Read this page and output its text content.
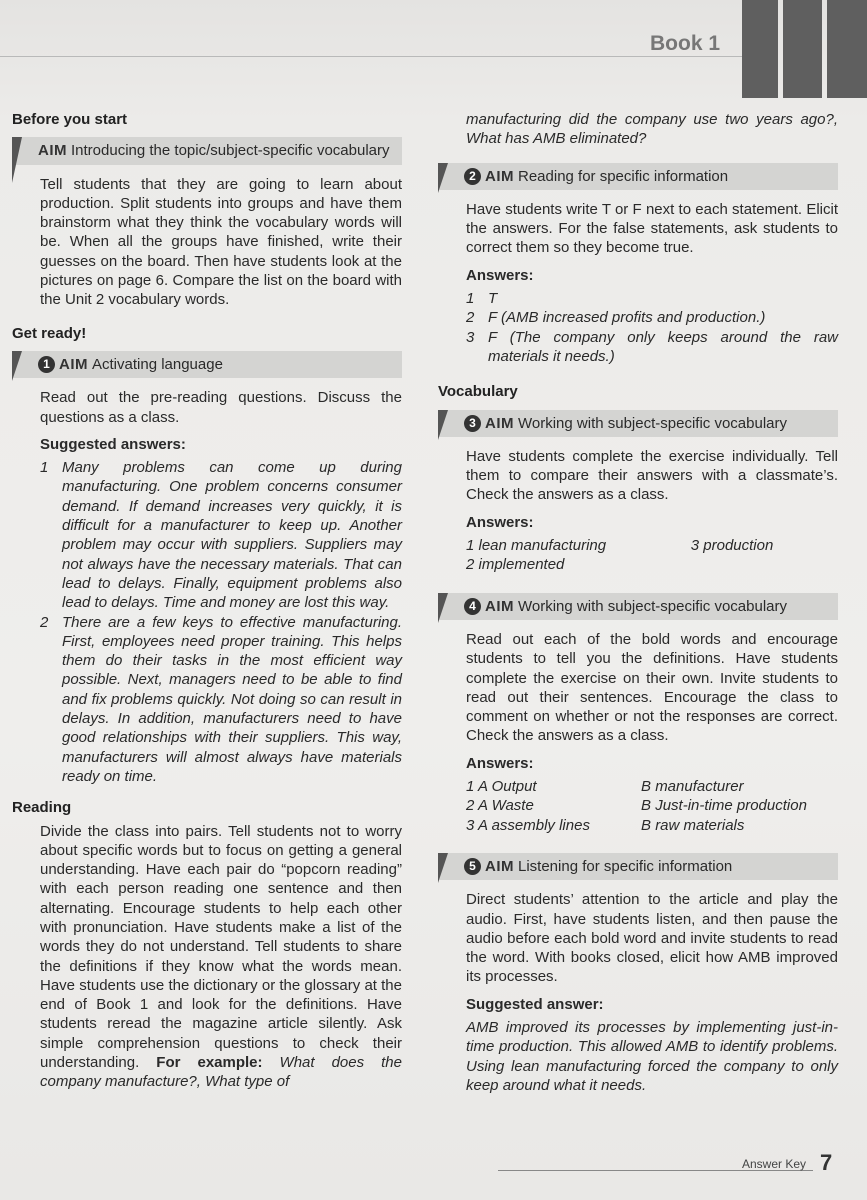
Book 1
Before you start
AIM Introducing the topic/subject-specific vocabulary

Tell students that they are going to learn about production. Split students into groups and have them brainstorm what they think the vocabulary words will be. When all the groups have finished, write their guesses on the board. Then have students look at the pictures on page 6. Compare the list on the board with the Unit 2 vocabulary words.

Get ready!
1 AIM Activating language

Read out the pre-reading questions. Discuss the questions as a class.

Suggested answers:
1 Many problems can come up during manufacturing. One problem concerns consumer demand. If demand increases very quickly, it is difficult for a manufacturer to keep up. Another problem may occur with suppliers. Suppliers may not always have the necessary materials. That can lead to delays. Finally, equipment problems also lead to delays. Time and money are lost this way.
2 There are a few keys to effective manufacturing. First, employees need proper training. This helps them do their tasks in the most efficient way possible. Next, managers need to be able to find and fix problems quickly. Not doing so can result in delays. In addition, manufacturers need to have good relationships with their suppliers. This way, manufacturers will almost always have materials ready on time.
Reading

Divide the class into pairs. Tell students not to worry about specific words but to focus on getting a general understanding. Have each pair do “popcorn reading” with each person reading one sentence and then alternating. Encourage students to help each other with pronunciation. Have students make a list of the words they do not understand. Tell students to share the definitions if they know what the words mean. Have students use the dictionary or the glossary at the end of Book 1 and look for the definitions. Have students reread the magazine article silently. Ask simple comprehension questions to check their understanding. For example: What does the company manufacture?, What type of

manufacturing did the company use two years ago?, What has AMB eliminated?

2 AIM Reading for specific information

Have students write T or F next to each statement. Elicit the answers. For the false statements, ask students to correct them so they become true.

Answers:
1 T
2 F (AMB increased profits and production.)
3 F (The company only keeps around the raw materials it needs.)
Vocabulary
3 AIM Working with subject-specific vocabulary

Have students complete the exercise individually. Tell them to compare their answers with a classmate’s. Check the answers as a class.

Answers:
1 lean manufacturing	3 production
2 implemented
4 AIM Working with subject-specific vocabulary

Read out each of the bold words and encourage students to tell you the definitions. Have students complete the exercise on their own. Invite students to read out their sentences. Encourage the class to comment on whether or not the responses are correct. Check the answers as a class.

Answers:
1 A Output	B manufacturer
2 A Waste	B Just-in-time production
3 A assembly lines	B raw materials
5 AIM Listening for specific information

Direct students’ attention to the article and play the audio. First, have students listen, and then pause the audio before each bold word and invite students to read the word. With books closed, elicit how AMB improved its processes.

Suggested answer:

AMB improved its processes by implementing just-in-time production. This allowed AMB to identify problems. Using lean manufacturing forced the company to only keep around what it needs.

Answer Key 7
